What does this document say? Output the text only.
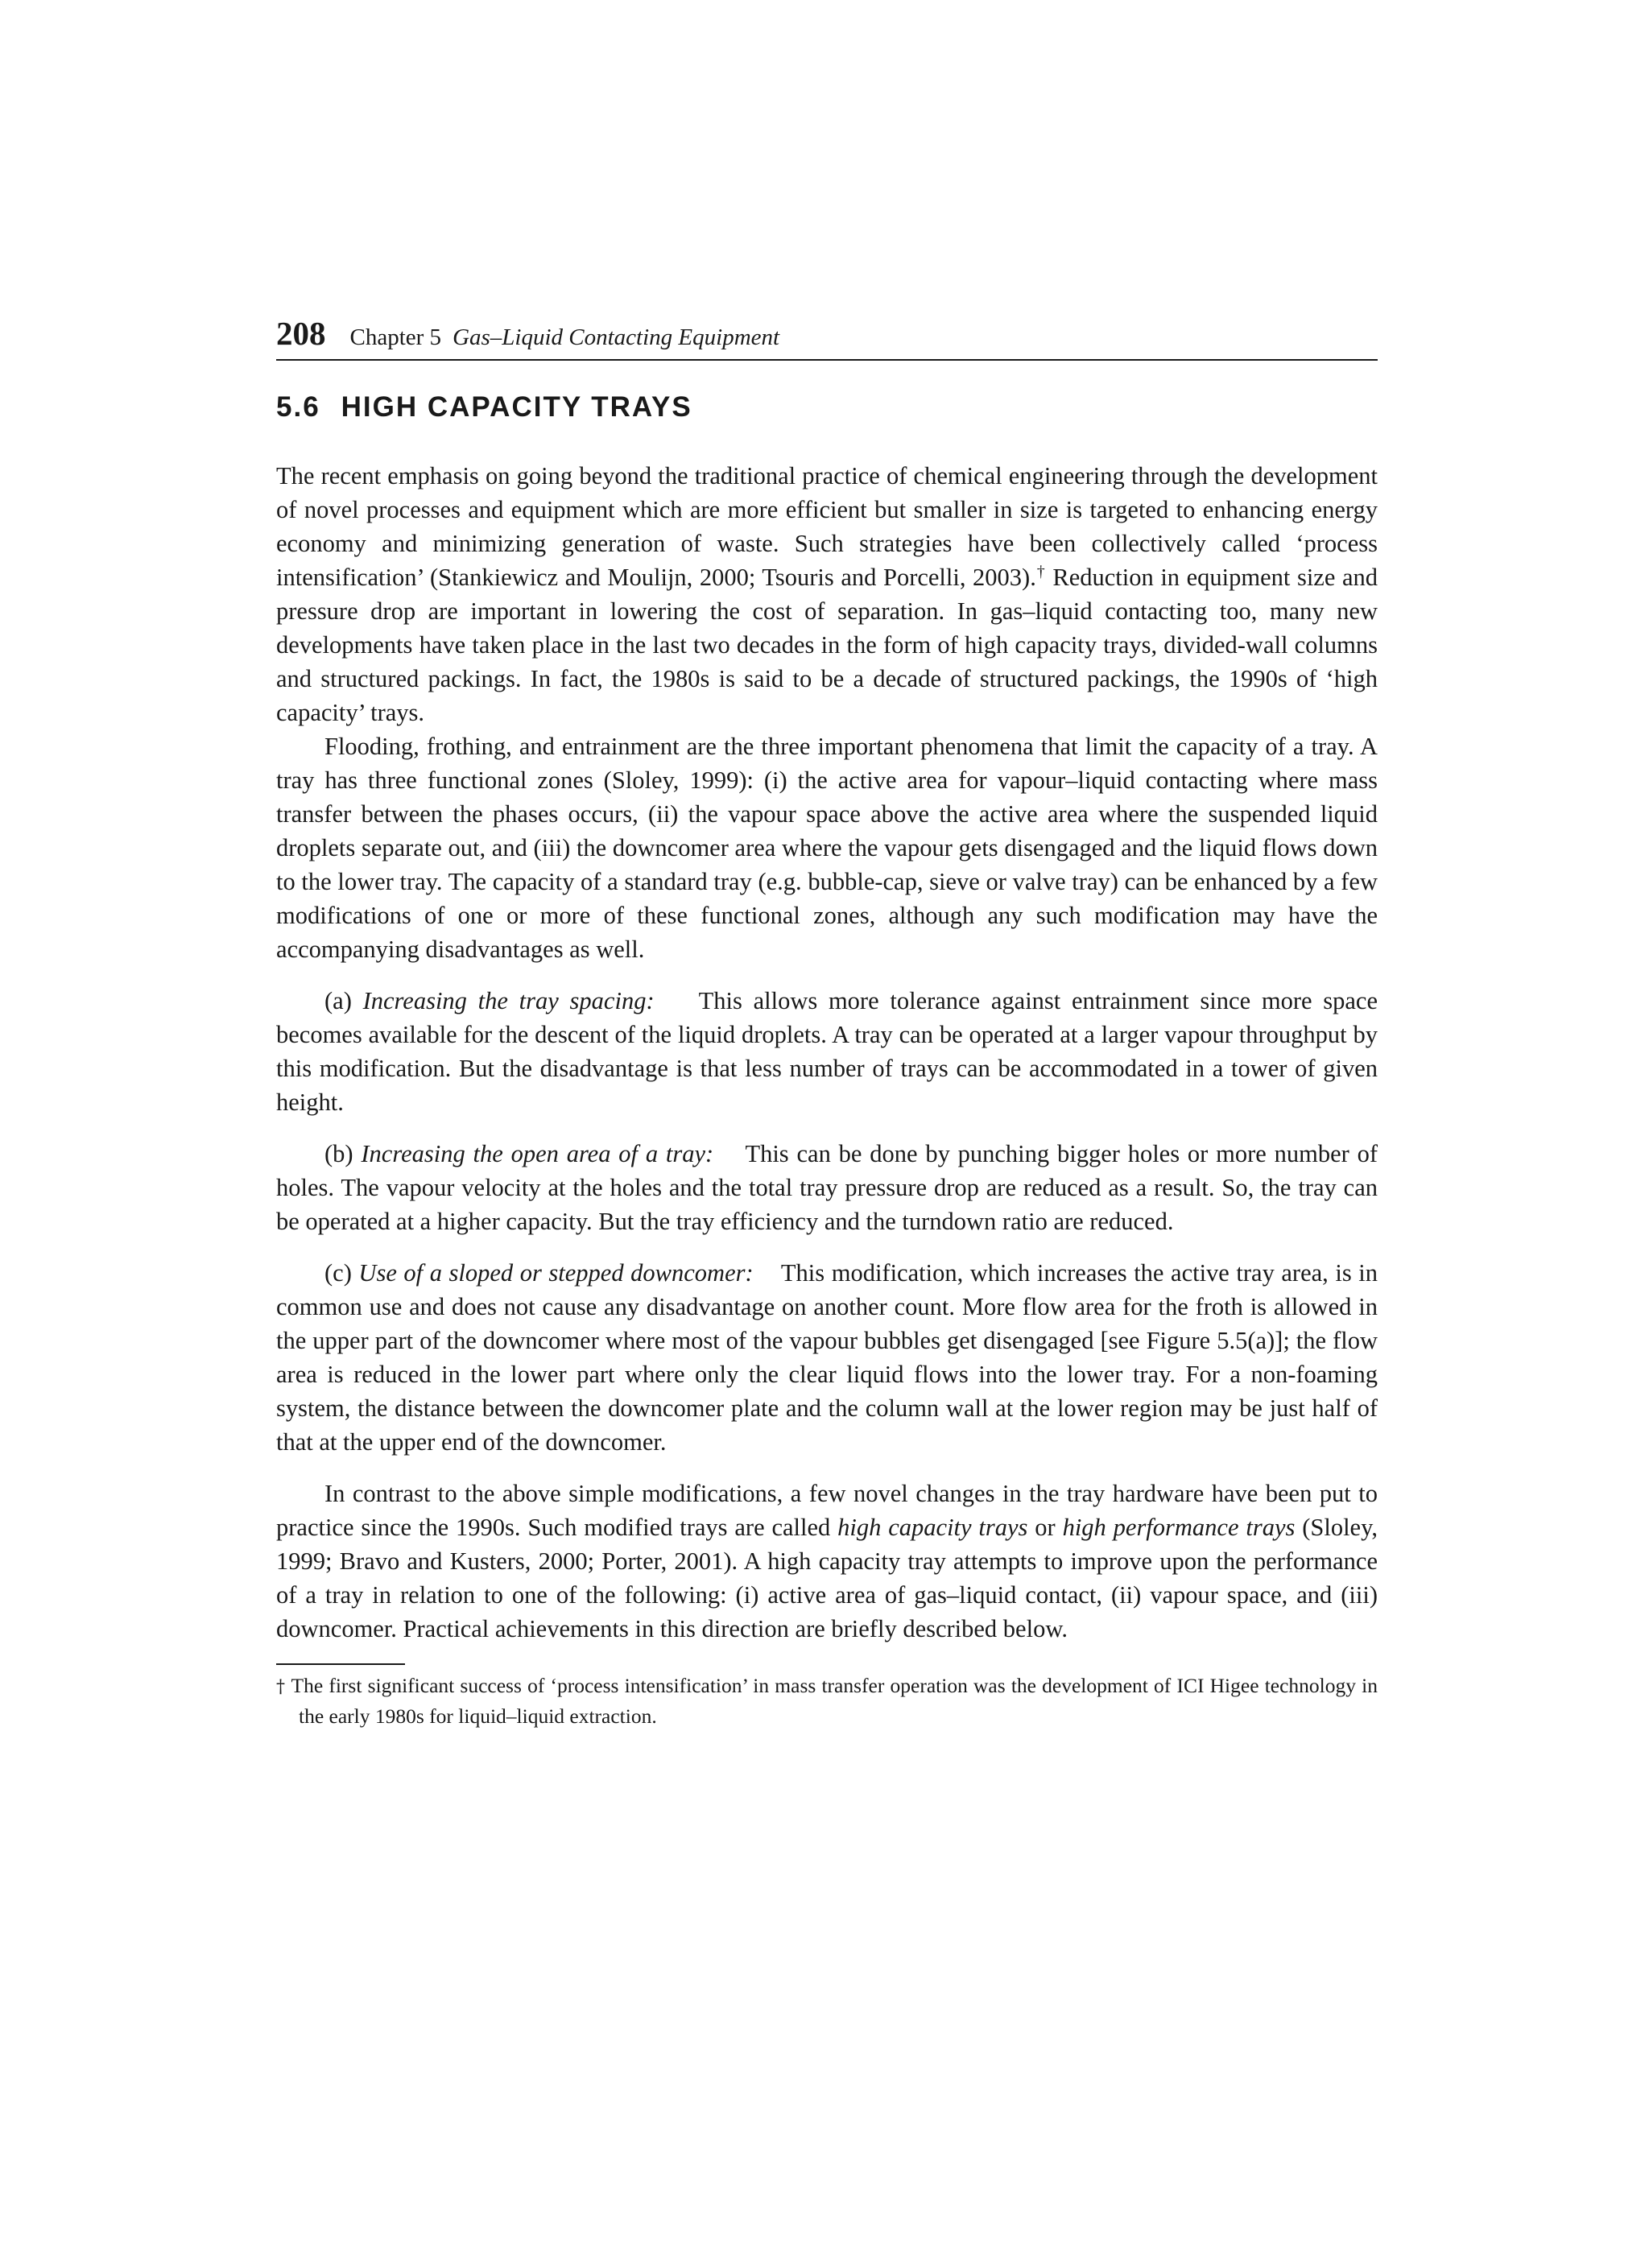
208 Chapter 5 Gas–Liquid Contacting Equipment
5.6 HIGH CAPACITY TRAYS

The recent emphasis on going beyond the traditional practice of chemical engineering through the development of novel processes and equipment which are more efficient but smaller in size is targeted to enhancing energy economy and minimizing generation of waste. Such strategies have been collectively called ‘process intensification’ (Stankiewicz and Moulijn, 2000; Tsouris and Porcelli, 2003).† Reduction in equipment size and pressure drop are important in lowering the cost of separation. In gas–liquid contacting too, many new developments have taken place in the last two decades in the form of high capacity trays, divided-wall columns and structured packings. In fact, the 1980s is said to be a decade of structured packings, the 1990s of ‘high capacity’ trays.

Flooding, frothing, and entrainment are the three important phenomena that limit the capacity of a tray. A tray has three functional zones (Sloley, 1999): (i) the active area for vapour–liquid contacting where mass transfer between the phases occurs, (ii) the vapour space above the active area where the suspended liquid droplets separate out, and (iii) the downcomer area where the vapour gets disengaged and the liquid flows down to the lower tray. The capacity of a standard tray (e.g. bubble-cap, sieve or valve tray) can be enhanced by a few modifications of one or more of these functional zones, although any such modification may have the accompanying disadvantages as well.

(a) Increasing the tray spacing: This allows more tolerance against entrainment since more space becomes available for the descent of the liquid droplets. A tray can be operated at a larger vapour throughput by this modification. But the disadvantage is that less number of trays can be accommodated in a tower of given height.

(b) Increasing the open area of a tray: This can be done by punching bigger holes or more number of holes. The vapour velocity at the holes and the total tray pressure drop are reduced as a result. So, the tray can be operated at a higher capacity. But the tray efficiency and the turndown ratio are reduced.

(c) Use of a sloped or stepped downcomer: This modification, which increases the active tray area, is in common use and does not cause any disadvantage on another count. More flow area for the froth is allowed in the upper part of the downcomer where most of the vapour bubbles get disengaged [see Figure 5.5(a)]; the flow area is reduced in the lower part where only the clear liquid flows into the lower tray. For a non-foaming system, the distance between the downcomer plate and the column wall at the lower region may be just half of that at the upper end of the downcomer.

In contrast to the above simple modifications, a few novel changes in the tray hardware have been put to practice since the 1990s. Such modified trays are called high capacity trays or high performance trays (Sloley, 1999; Bravo and Kusters, 2000; Porter, 2001). A high capacity tray attempts to improve upon the performance of a tray in relation to one of the following: (i) active area of gas–liquid contact, (ii) vapour space, and (iii) downcomer. Practical achievements in this direction are briefly described below.

† The first significant success of ‘process intensification’ in mass transfer operation was the development of ICI Higee technology in the early 1980s for liquid–liquid extraction.
